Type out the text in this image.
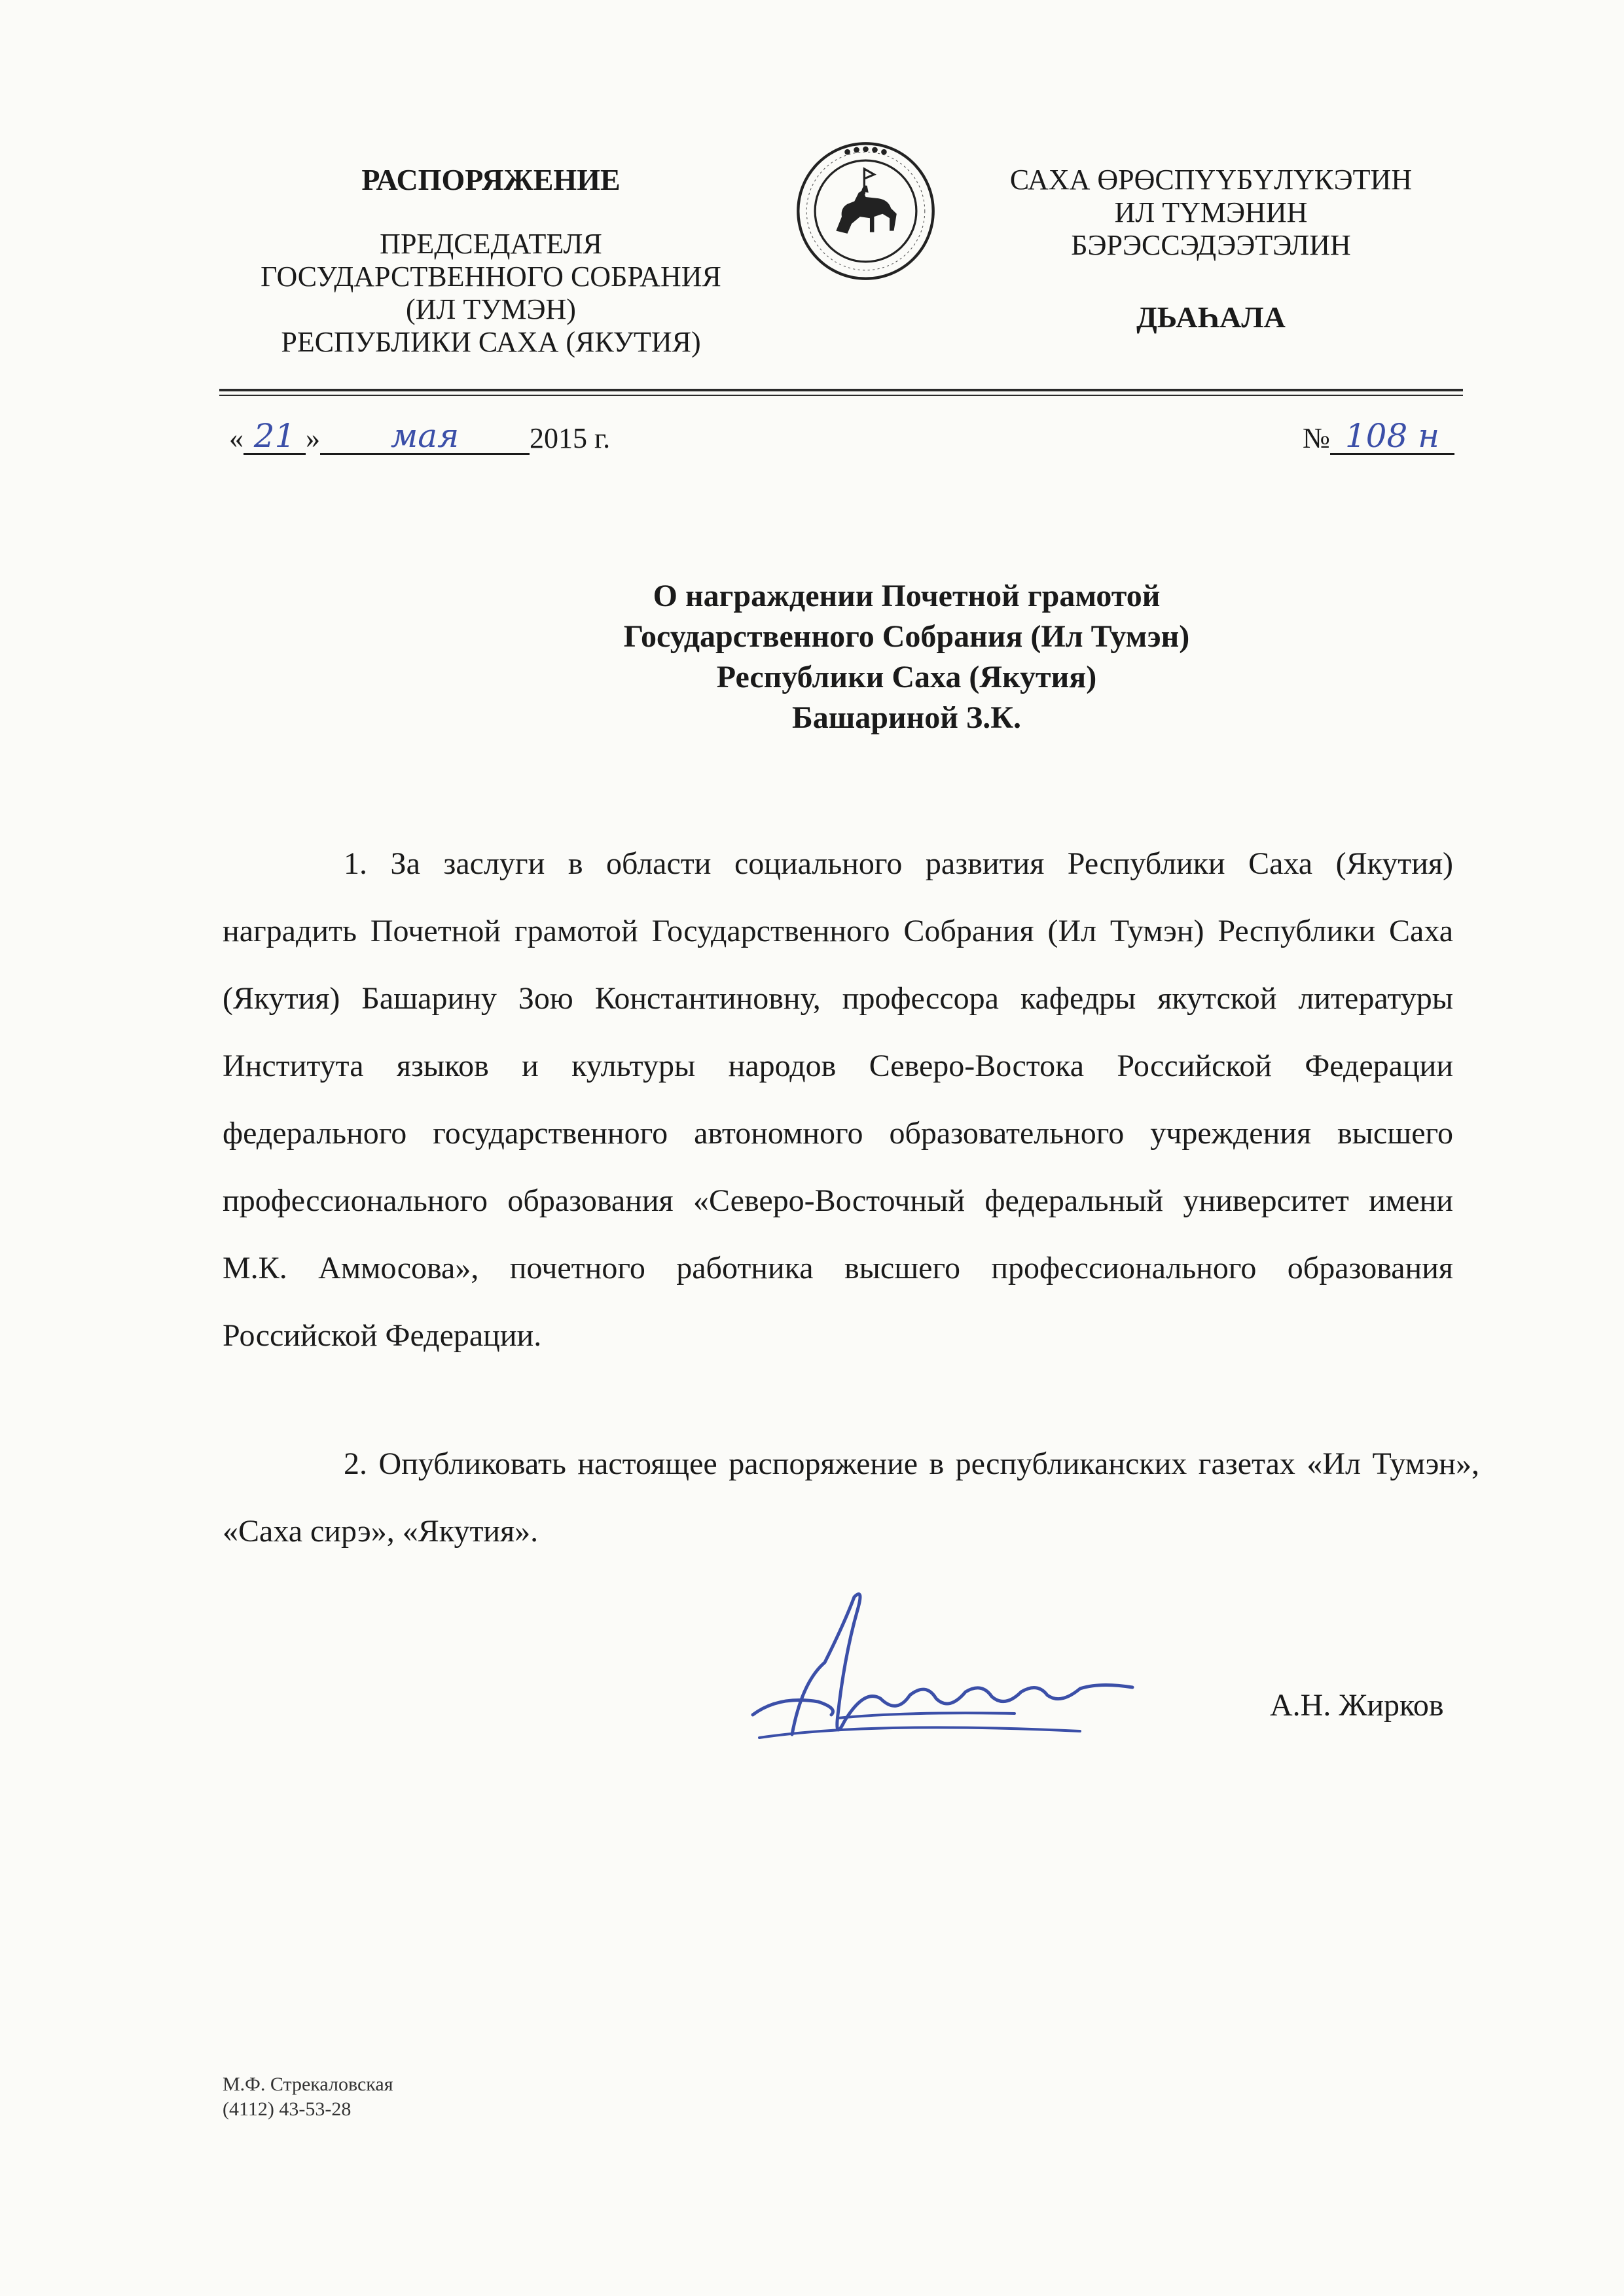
РАСПОРЯЖЕНИЕ
ПРЕДСЕДАТЕЛЯ
ГОСУДАРСТВЕННОГО СОБРАНИЯ
(ИЛ ТУМЭН)
РЕСПУБЛИКИ САХА (ЯКУТИЯ)
САХА ӨРӨСПҮҮБҮЛҮКЭТИН
ИЛ ТҮМЭНИН
БЭРЭССЭДЭЭТЭЛИН
ДЬАҺАЛА
« 21 » мая 2015 г.	№ 108 н
О награждении Почетной грамотой
Государственного Собрания (Ил Тумэн)
Республики Саха (Якутия)
Башариной З.К.
1. За заслуги в области социального развития Республики Саха (Якутия) наградить Почетной грамотой Государственного Собрания (Ил Тумэн) Республики Саха (Якутия) Башарину Зою Константиновну, профессора кафедры якутской литературы Института языков и культуры народов Северо-Востока Российской Федерации федерального государственного автономного образовательного учреждения высшего профессионального образования «Северо-Восточный федеральный университет имени М.К. Аммосова», почетного работника высшего профессионального образования Российской Федерации.
2. Опубликовать настоящее распоряжение в республиканских газетах «Ил Тумэн», «Саха сирэ», «Якутия».
А.Н. Жирков
М.Ф. Стрекаловская
(4112) 43-53-28
